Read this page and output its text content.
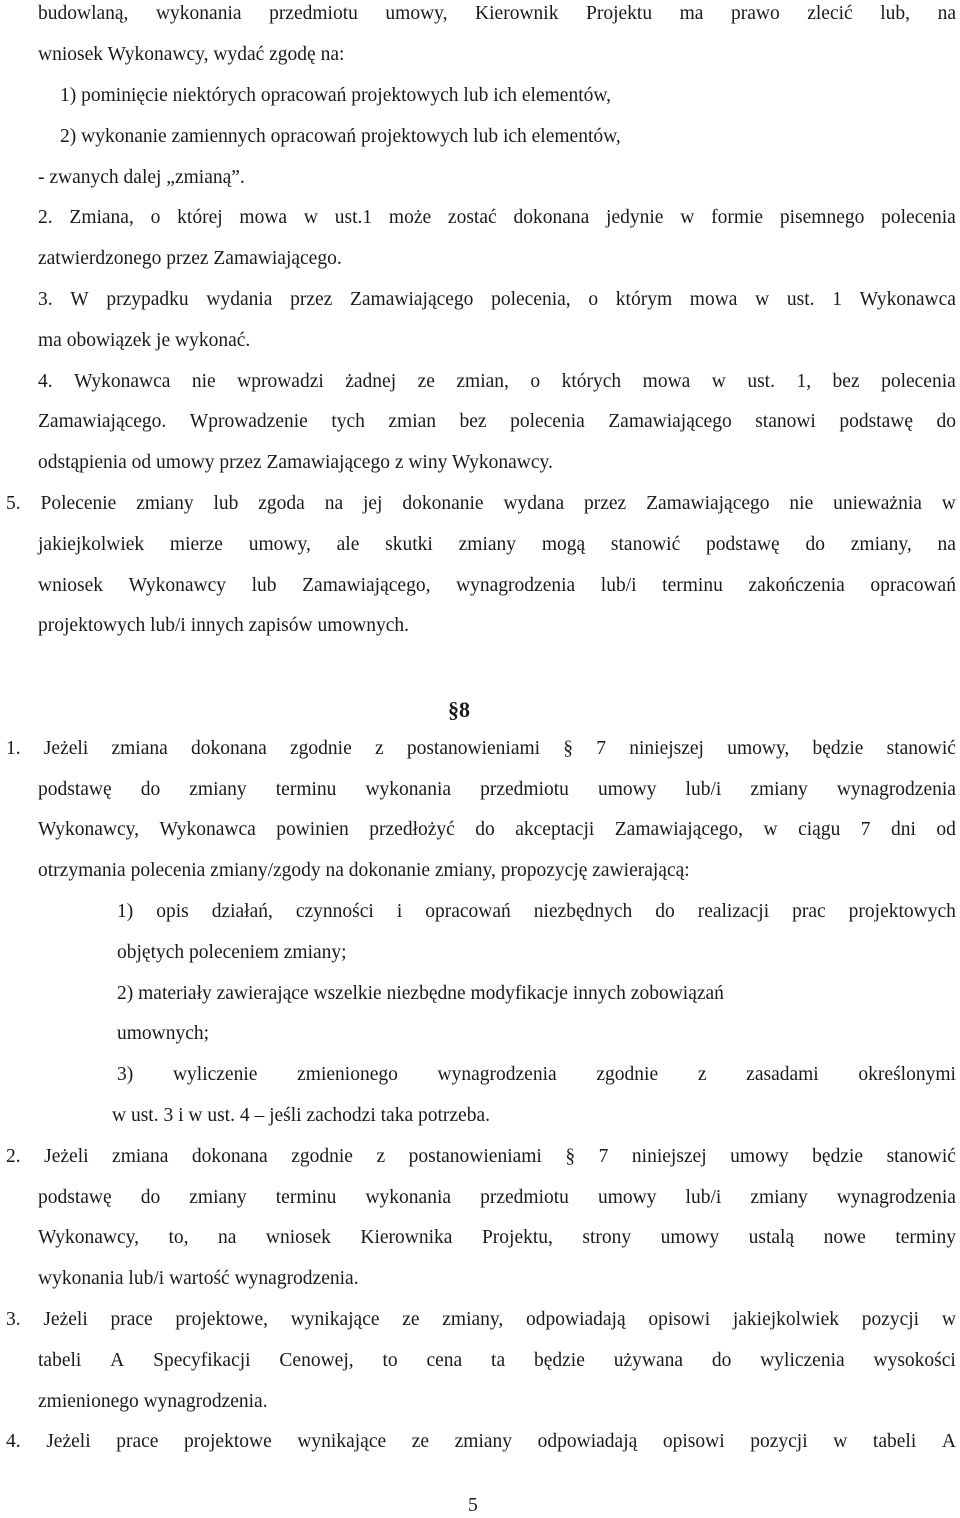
budowlaną, wykonania przedmiotu umowy, Kierownik Projektu ma prawo zlecić lub, na

wniosek Wykonawcy, wydać zgodę na:

1) pominięcie niektórych opracowań projektowych lub ich elementów,

2) wykonanie zamiennych opracowań projektowych lub ich elementów,

- zwanych dalej „zmianą”.

2. Zmiana, o której mowa w ust.1 może zostać dokonana jedynie w formie pisemnego polecenia

zatwierdzonego przez Zamawiającego.

3. W przypadku wydania przez Zamawiającego polecenia, o którym mowa w ust. 1 Wykonawca

ma obowiązek je wykonać.

4. Wykonawca nie wprowadzi żadnej ze zmian, o których mowa w ust. 1, bez polecenia

Zamawiającego. Wprowadzenie tych zmian bez polecenia Zamawiającego stanowi podstawę do

odstąpienia od umowy przez Zamawiającego z winy Wykonawcy.

5. Polecenie zmiany lub zgoda na jej dokonanie wydana przez Zamawiającego nie unieważnia w

jakiejkolwiek mierze umowy, ale skutki zmiany mogą stanowić podstawę do zmiany, na

wniosek Wykonawcy lub Zamawiającego, wynagrodzenia lub/i terminu zakończenia opracowań

projektowych lub/i innych zapisów umownych.

1. Jeżeli zmiana dokonana zgodnie z postanowieniami § 7 niniejszej umowy, będzie stanowić

podstawę do zmiany terminu wykonania przedmiotu umowy lub/i zmiany wynagrodzenia

Wykonawcy, Wykonawca powinien przedłożyć do akceptacji Zamawiającego, w ciągu 7 dni od

otrzymania polecenia zmiany/zgody na dokonanie zmiany, propozycję zawierającą:

1) opis działań, czynności i opracowań niezbędnych do realizacji prac projektowych

objętych poleceniem zmiany;

2) materiały zawierające wszelkie niezbędne modyfikacje innych zobowiązań

umownych;

3) wyliczenie zmienionego wynagrodzenia zgodnie z zasadami określonymi

w ust. 3 i w ust. 4 – jeśli zachodzi taka potrzeba.

2. Jeżeli zmiana dokonana zgodnie z postanowieniami § 7 niniejszej umowy będzie stanowić

podstawę do zmiany terminu wykonania przedmiotu umowy lub/i zmiany wynagrodzenia

Wykonawcy, to, na wniosek Kierownika Projektu, strony umowy ustalą nowe terminy

wykonania lub/i wartość wynagrodzenia.

3. Jeżeli prace projektowe, wynikające ze zmiany, odpowiadają opisowi jakiejkolwiek pozycji w

tabeli A Specyfikacji Cenowej, to cena ta będzie używana do wyliczenia wysokości

zmienionego wynagrodzenia.

4. Jeżeli prace projektowe wynikające ze zmiany odpowiadają opisowi pozycji w tabeli A

§8
5
